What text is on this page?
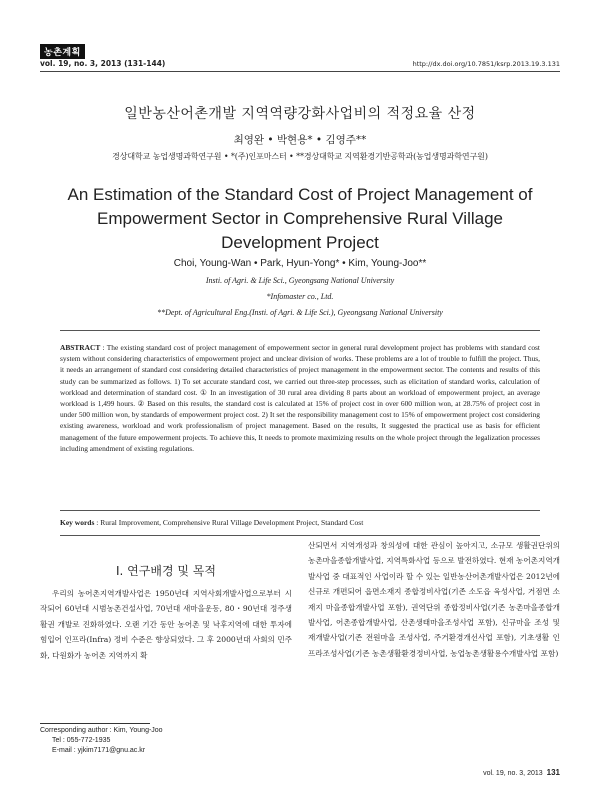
농촌계획
vol. 19, no. 3, 2013 (131-144)	http://dx.doi.org/10.7851/ksrp.2013.19.3.131
일반농산어촌개발 지역역량강화사업비의 적정요율 산정
최영완 • 박현용* • 김영주**
경상대학교 농업생명과학연구원 • *(주)인포마스터 • **경상대학교 지역환경기반공학과(농업생명과학연구원)
An Estimation of the Standard Cost of Project Management of Empowerment Sector in Comprehensive Rural Village Development Project
Choi, Young-Wan • Park, Hyun-Yong* • Kim, Young-Joo**
Insti. of Agri. & Life Sci., Gyeongsang National University
*Infomaster co., Ltd.
**Dept. of Agricultural Eng.(Insti. of Agri. & Life Sci.), Gyeongsang National University
ABSTRACT : The existing standard cost of project management of empowerment sector in general rural development project has problems with standard cost system without considering characteristics of empowerment project and unclear division of works. These problems are a lot of trouble to fulfill the project. Thus, it needs an arrangement of standard cost considering detailed characteristics of project management in the empowerment sector. The contents and results of this study can be summarized as follows. 1) To set accurate standard cost, we carried out three-step processes, such as elicitation of standard works, calculation of workload and determination of standard cost. ① In an investigation of 30 rural area dividing 8 parts about an workload of empowerment project, an average workload is 1,499 hours. ② Based on this results, the standard cost is calculated at 15% of project cost in over 600 million won, at 28.75% of project cost in under 500 million won, by standards of empowerment project cost. 2) It set the responsibility management cost to 15% of empowerment project cost considering existing awareness, workload and work professionalism of project management. Based on the results, It suggested the practical use as basis for efficient management of the future empowerment projects. To achieve this, It needs to promote maximizing results on the whole project through the legalization processes including amendment of existing regulations.
Key words : Rural Improvement, Comprehensive Rural Village Development Project, Standard Cost
I. 연구배경 및 목적

우리의 농어촌지역개발사업은 1950년대 지역사회개발사업으로부터 시작되어 60년대 시범농촌건설사업, 70년대 새마을운동, 80・90년대 정주생활권 개발로 진화하였다. 오랜 기간 동안 농어촌 및 낙후지역에 대한 투자에 힘입어 인프라(Infra) 정비 수준은 향상되었다. 그 후 2000년대 사회의 민주화, 다원화가 농어촌 지역까지 확

산되면서 지역개성과 창의성에 대한 관심이 높아지고, 소규모 생활권단위의 농촌마을종합개발사업, 지역특화사업 등으로 발전하였다. 현재 농어촌지역개발사업 중 대표적인 사업이라 할 수 있는 일반농산어촌개발사업은 2012년에 신규로 개편되어 읍면소재지 종합정비사업(기존 소도읍 육성사업, 거점면 소재지 마을종합개발사업 포함), 권역단위 종합정비사업(기존 농촌마을종합개발사업, 어촌종합개발사업, 산촌생태마을조성사업 포함), 신규마을 조성 및 재개발사업(기존 전원마을 조성사업, 주거환경개선사업 포함), 기초생활 인프라조성사업(기존 농촌생활환경정비사업, 농업농촌생활용수개발사업 포함)

Corresponding author : Kim, Young-Joo
Tel : 055-772-1935
E-mail : yjkim7171@gnu.ac.kr
vol. 19, no. 3, 2013 131
